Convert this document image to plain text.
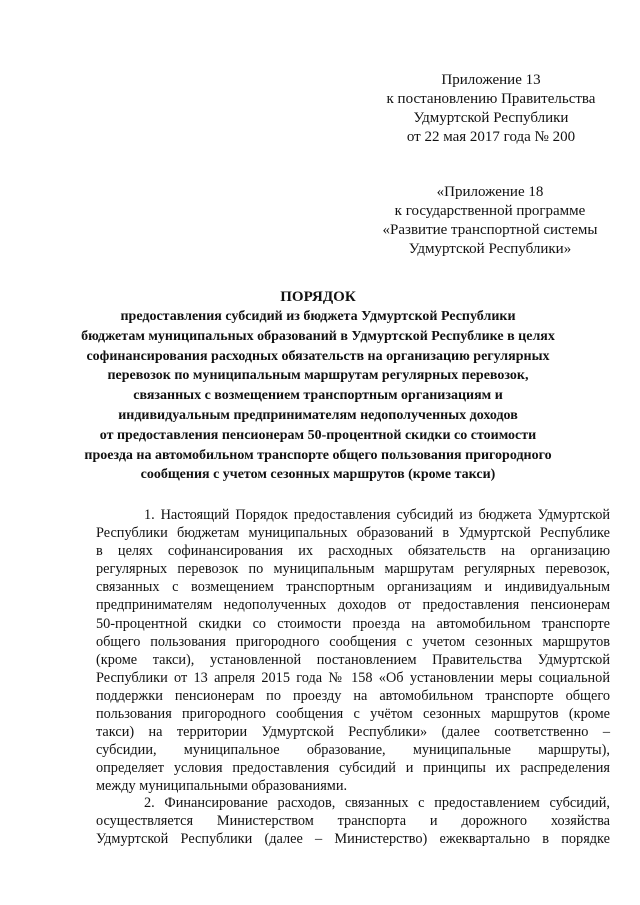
Приложение 13
к постановлению Правительства
Удмуртской Республики
от 22 мая 2017 года № 200
«Приложение 18
к государственной программе
«Развитие транспортной системы
Удмуртской Республики»
ПОРЯДОК
предоставления субсидий из бюджета Удмуртской Республики
бюджетам муниципальных образований в Удмуртской Республике в целях
софинансирования расходных обязательств на организацию регулярных
перевозок по муниципальным маршрутам регулярных перевозок,
связанных с возмещением транспортным организациям и
индивидуальным предпринимателям недополученных доходов
от предоставления пенсионерам 50-процентной скидки со стоимости
проезда на автомобильном транспорте общего пользования пригородного
сообщения с учетом сезонных маршрутов (кроме такси)
1. Настоящий Порядок предоставления субсидий из бюджета Удмуртской
Республики бюджетам муниципальных образований в Удмуртской Республике
в целях софинансирования их расходных обязательств на организацию
регулярных перевозок по муниципальным маршрутам регулярных перевозок,
связанных с возмещением транспортным организациям и индивидуальным
предпринимателям недополученных доходов от предоставления пенсионерам
50-процентной скидки со стоимости проезда на автомобильном транспорте
общего пользования пригородного сообщения с учетом сезонных маршрутов
(кроме такси), установленной постановлением Правительства Удмуртской
Республики от 13 апреля 2015 года № 158 «Об установлении меры социальной
поддержки пенсионерам по проезду на автомобильном транспорте общего
пользования пригородного сообщения с учётом сезонных маршрутов (кроме
такси) на территории Удмуртской Республики» (далее соответственно –
субсидии, муниципальное образование, муниципальные маршруты),
определяет условия предоставления субсидий и принципы их распределения
между муниципальными образованиями.
2. Финансирование расходов, связанных с предоставлением субсидий,
осуществляется Министерством транспорта и дорожного хозяйства
Удмуртской Республики (далее – Министерство) ежеквартально в порядке
